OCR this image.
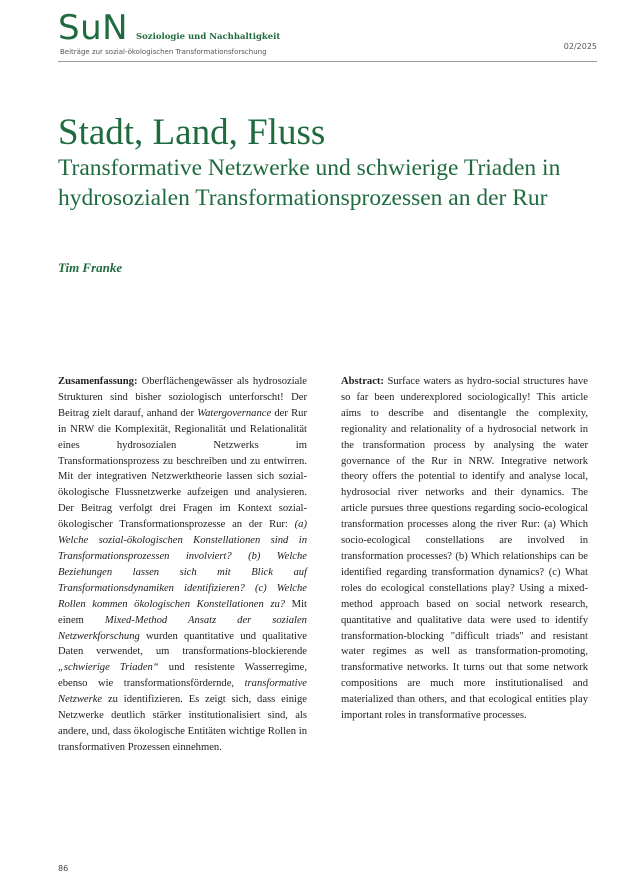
SuN Soziologie und Nachhaltigkeit
Beiträge zur sozial-ökologischen Transformationsforschung
02/2025
Stadt, Land, Fluss
Transformative Netzwerke und schwierige Triaden in hydrosozialen Transformationsprozessen an der Rur
Tim Franke
Zusamenfassung: Oberflächengewässer als hydrosoziale Strukturen sind bisher soziologisch unterforscht! Der Beitrag zielt darauf, anhand der Watergovernance der Rur in NRW die Komplexität, Regionalität und Relationalität eines hydrosozialen Netzwerks im Transformationsprozess zu beschreiben und zu entwirren. Mit der integrativen Netzwerktheorie lassen sich sozial-ökologische Flussnetzwerke aufzeigen und analysieren. Der Beitrag verfolgt drei Fragen im Kontext sozial-ökologischer Transformationsprozesse an der Rur: (a) Welche sozial-ökologischen Konstellationen sind in Transformationsprozessen involviert? (b) Welche Beziehungen lassen sich mit Blick auf Transformationsdynamiken identifizieren? (c) Welche Rollen kommen ökologischen Konstellationen zu? Mit einem Mixed-Method Ansatz der sozialen Netzwerkforschung wurden quantitative und qualitative Daten verwendet, um transformations-blockierende „schwierige Triaden“ und resistente Wasserregime, ebenso wie transformationsfördernde, transformative Netzwerke zu identifizieren. Es zeigt sich, dass einige Netzwerke deutlich stärker institutionalisiert sind, als andere, und, dass ökologische Entitäten wichtige Rollen in transformativen Prozessen einnehmen.
Abstract: Surface waters as hydro-social structures have so far been underexplored sociologically! This article aims to describe and disentangle the complexity, regionality and relationality of a hydrosocial network in the transformation process by analysing the water governance of the Rur in NRW. Integrative network theory offers the potential to identify and analyse local, hydrosocial river networks and their dynamics. The article pursues three questions regarding socio-ecological transformation processes along the river Rur: (a) Which socio-ecological constellations are involved in transformation processes? (b) Which relationships can be identified regarding transformation dynamics? (c) What roles do ecological constellations play? Using a mixed-method approach based on social network research, quantitative and qualitative data were used to identify transformation-blocking "difficult triads" and resistant water regimes as well as transformation-promoting, transformative networks. It turns out that some network compositions are much more institutionalised and materialized than others, and that ecological entities play important roles in transformative processes.
86
